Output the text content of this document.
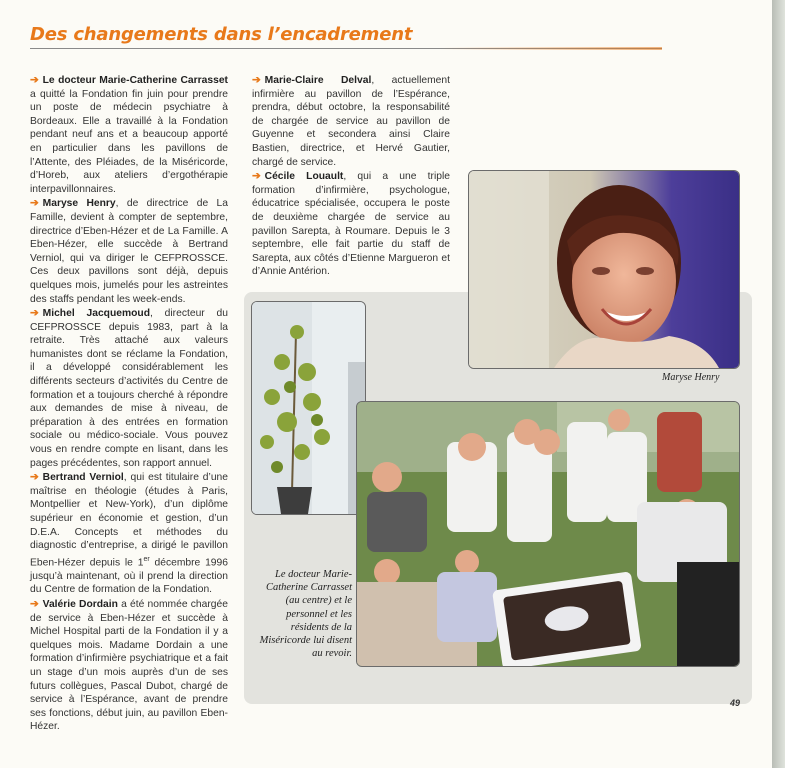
Des changements dans l’encadrement

➔ Le docteur Marie-Catherine Carrasset a quitté la Fondation fin juin pour prendre un poste de médecin psychiatre à Bordeaux. Elle a travaillé à la Fondation pendant neuf ans et a beaucoup apporté en particulier dans les pavillons de l’Attente, des Pléiades, de la Miséricorde, d’Horeb, aux ateliers d’ergothérapie interpavillonnaires.

➔ Maryse Henry, de directrice de La Famille, devient à compter de septembre, directrice d’Eben-Hézer et de La Famille. A Eben-Hézer, elle succède à Bertrand Verniol, qui va diriger le CEFPROSSCE. Ces deux pavillons sont déjà, depuis quelques mois, jumelés pour les astreintes des staffs pendant les week-ends.

➔ Michel Jacquemoud, directeur du CEFPROSSCE depuis 1983, part à la retraite. Très attaché aux valeurs humanistes dont se réclame la Fondation, il a développé considérablement les différents secteurs d’activités du Centre de formation et a toujours cherché à répondre aux demandes de mise à niveau, de préparation à des entrées en formation sociale ou médico-sociale. Vous pouvez vous en rendre compte en lisant, dans les pages précédentes, son rapport annuel.

➔ Bertrand Verniol, qui est titulaire d’une maîtrise en théologie (études à Paris, Montpellier et New-York), d’un diplôme supérieur en économie et gestion, d’un D.E.A. Concepts et méthodes du diagnostic d’entreprise, a dirigé le pavillon Eben-Hézer depuis le 1er décembre 1996 jusqu’à maintenant, où il prend la direction du Centre de formation de la Fondation.

➔ Valérie Dordain a été nommée chargée de service à Eben-Hézer et succède à Michel Hospital parti de la Fondation il y a quelques mois. Madame Dordain a une formation d’infirmière psychiatrique et a fait un stage d’un mois auprès d’un de ses futurs collègues, Pascal Dubot, chargé de service à l’Espérance, avant de prendre ses fonctions, début juin, au pavillon Eben-Hézer.

➔ Marie-Claire Delval, actuellement infirmière au pavillon de l’Espérance, prendra, début octobre, la responsabilité de chargée de service au pavillon de Guyenne et secondera ainsi Claire Bastien, directrice, et Hervé Gautier, chargé de service.

➔ Cécile Louault, qui a une triple formation d’infirmière, psychologue, éducatrice spécialisée, occupera le poste de deuxième chargée de service au pavillon Sarepta, à Roumare. Depuis le 3 septembre, elle fait partie du staff de Sarepta, aux côtés d’Etienne Margueron et d’Annie Antérion.

Maryse Henry
Le docteur Marie-Catherine Carrasset (au centre) et le personnel et les résidents de la Miséricorde lui disent au revoir.
49
